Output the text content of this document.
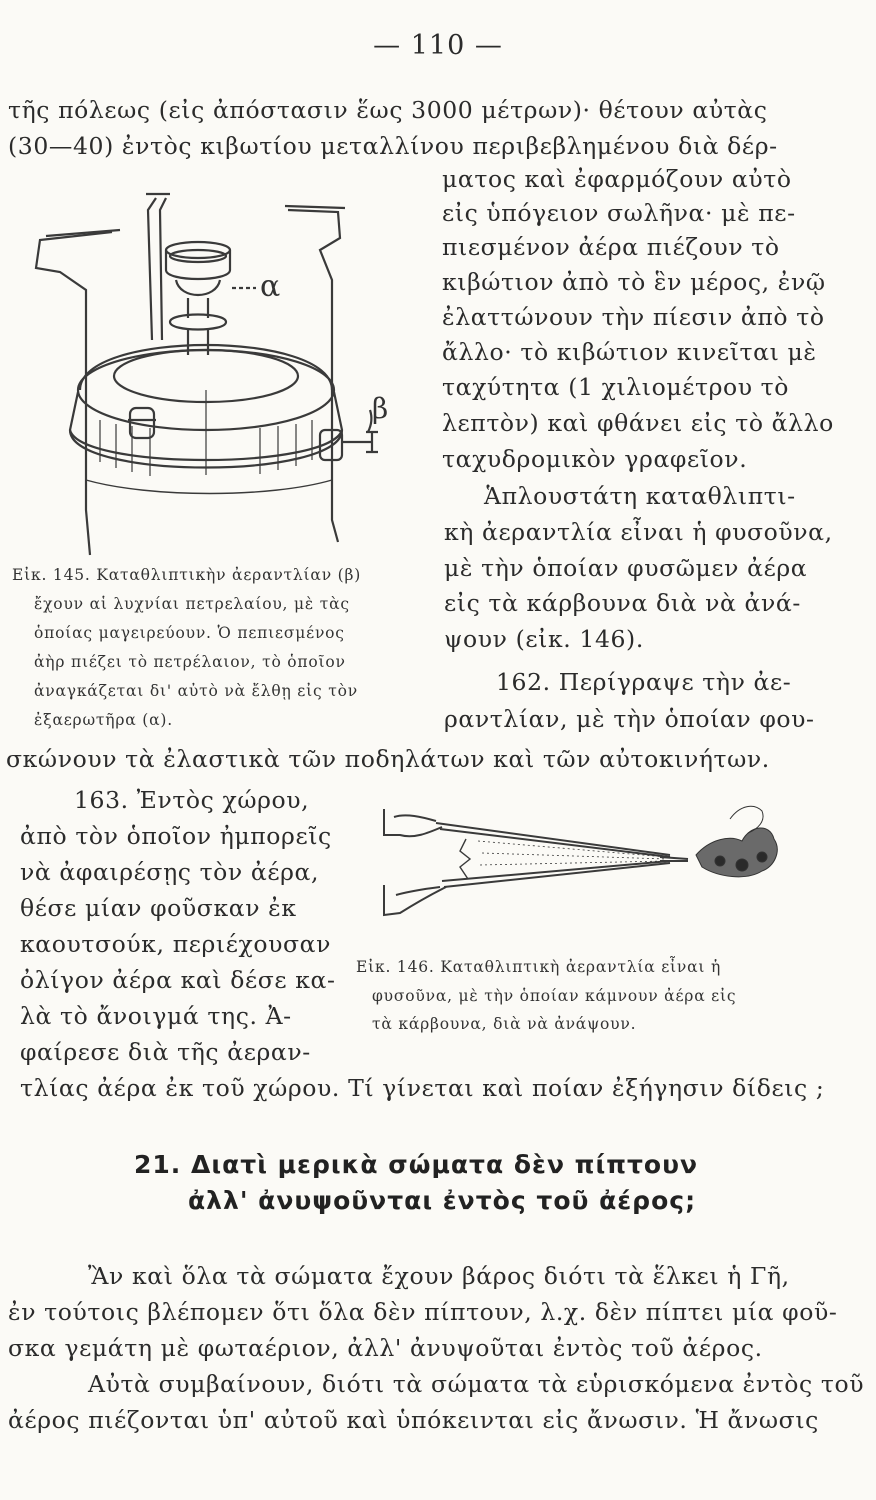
— 110 —
τῆς πόλεως (εἰς ἀπόστασιν ἕως 3000 μέτρων)· θέτουν αὐτὰς
(30—40) ἐντὸς κιβωτίου μεταλλίνου περιβεβλημένου διὰ δέρ-
ματος καὶ ἐφαρμόζουν αὐτὸ
εἰς ὑπόγειον σωλῆνα· μὲ πε-
πιεσμένον ἀέρα πιέζουν τὸ
κιβώτιον ἀπὸ τὸ ἓν μέρος, ἐνῷ
ἐλαττώνουν τὴν πίεσιν ἀπὸ τὸ
ἄλλο· τὸ κιβώτιον κινεῖται μὲ
ταχύτητα (1 χιλιομέτρου τὸ
λεπτὸν) καὶ φθάνει εἰς τὸ ἄλλο
ταχυδρομικὸν γραφεῖον.
α
β
Εἰκ. 145. Καταθλιπτικὴν ἀεραντλίαν (β)
ἔχουν αἱ λυχνίαι πετρελαίου, μὲ τὰς
ὁποίας μαγειρεύουν. Ὁ πεπιεσμένος
ἀὴρ πιέζει τὸ πετρέλαιον, τὸ ὁποῖον
ἀναγκάζεται δι' αὐτὸ νὰ ἔλθῃ εἰς τὸν
ἐξαερωτῆρα (α).
Ἁπλουστάτη καταθλιπτι-
κὴ ἀεραντλία εἶναι ἡ φυσοῦνα,
μὲ τὴν ὁποίαν φυσῶμεν ἀέρα
εἰς τὰ κάρβουνα διὰ νὰ ἀνά-
ψουν (εἰκ. 146).
162. Περίγραψε τὴν ἀε-
ραντλίαν, μὲ τὴν ὁποίαν φου-
σκώνουν τὰ ἐλαστικὰ τῶν ποδηλάτων καὶ τῶν αὐτοκινήτων.
163. Ἐντὸς χώρου,
ἀπὸ τὸν ὁποῖον ἠμπορεῖς
νὰ ἀφαιρέσῃς τὸν ἀέρα,
θέσε μίαν φοῦσκαν ἐκ
καουτσούκ, περιέχουσαν
ὀλίγον ἀέρα καὶ δέσε κα-
λὰ τὸ ἄνοιγμά της. Ἀ-
φαίρεσε διὰ τῆς ἀεραν-
τλίας ἀέρα ἐκ τοῦ χώρου. Τί γίνεται καὶ ποίαν ἐξήγησιν δίδεις ;
Εἰκ. 146. Καταθλιπτικὴ ἀεραντλία εἶναι ἡ
φυσοῦνα, μὲ τὴν ὁποίαν κάμνουν ἀέρα εἰς
τὰ κάρβουνα, διὰ νὰ ἀνάψουν.
21. Διατὶ μερικὰ σώματα δὲν πίπτουν
ἀλλ' ἀνυψοῦνται ἐντὸς τοῦ ἀέρος;
Ἂν καὶ ὅλα τὰ σώματα ἔχουν βάρος διότι τὰ ἕλκει ἡ Γῆ,
ἐν τούτοις βλέπομεν ὅτι ὅλα δὲν πίπτουν, λ.χ. δὲν πίπτει μία φοῦ-
σκα γεμάτη μὲ φωταέριον, ἀλλ' ἀνυψοῦται ἐντὸς τοῦ ἀέρος.
Αὐτὰ συμβαίνουν, διότι τὰ σώματα τὰ εὑρισκόμενα ἐντὸς τοῦ
ἀέρος πιέζονται ὑπ' αὐτοῦ καὶ ὑπόκεινται εἰς ἄνωσιν. Ἡ ἄνωσις
